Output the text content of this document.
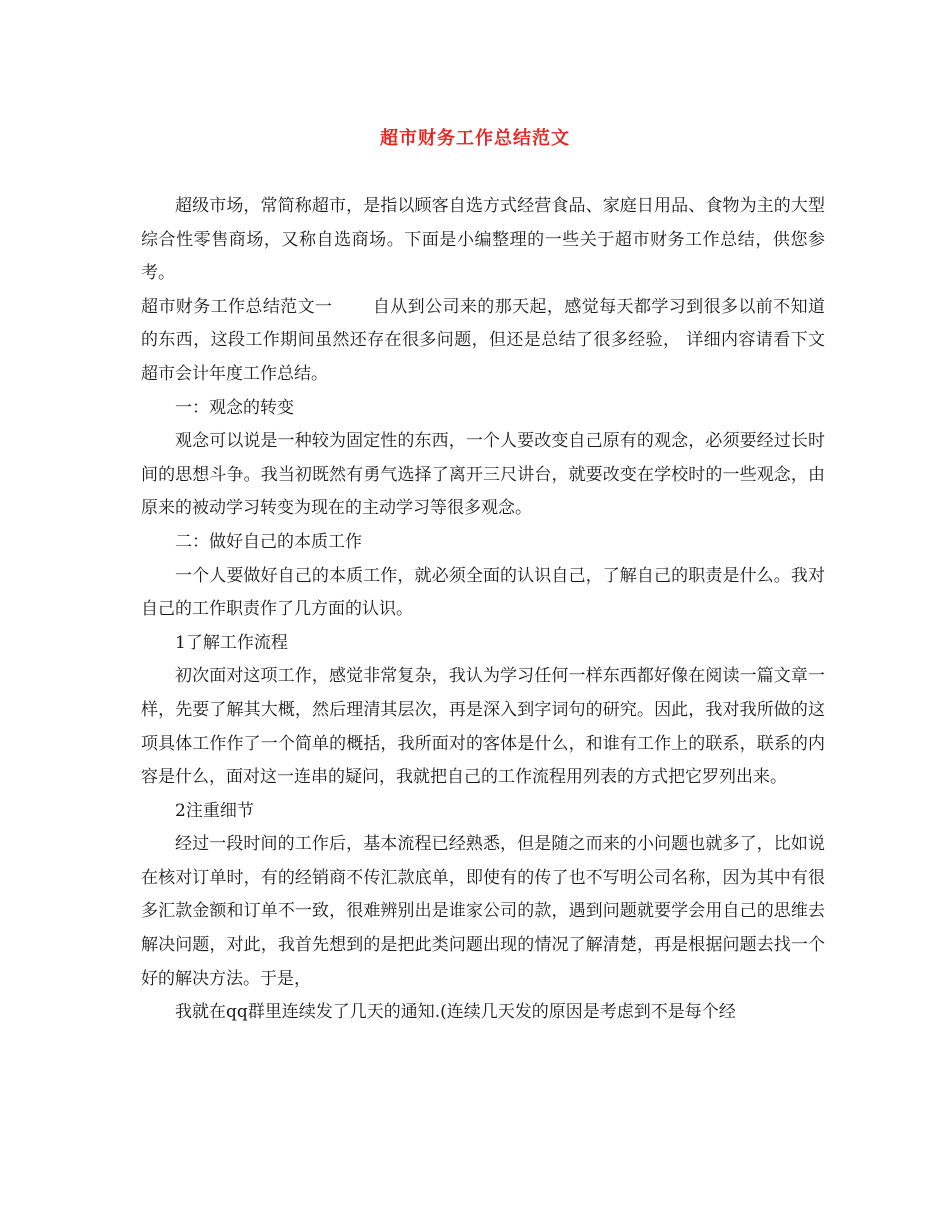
超市财务工作总结范文

超级市场，常简称超市，是指以顾客自选方式经营食品、家庭日用品、食物为主的大型综合性零售商场，又称自选商场。下面是小编整理的一些关于超市财务工作总结，供您参考。

超市财务工作总结范文一 自从到公司来的那天起，感觉每天都学习到很多以前不知道的东西，这段工作期间虽然还存在很多问题，但还是总结了很多经验， 详细内容请看下文超市会计年度工作总结。

一：观念的转变

观念可以说是一种较为固定性的东西，一个人要改变自己原有的观念，必须要经过长时间的思想斗争。我当初既然有勇气选择了离开三尺讲台，就要改变在学校时的一些观念，由原来的被动学习转变为现在的主动学习等很多观念。

二：做好自己的本质工作

一个人要做好自己的本质工作，就必须全面的认识自己，了解自己的职责是什么。我对自己的工作职责作了几方面的认识。

1了解工作流程

初次面对这项工作，感觉非常复杂，我认为学习任何一样东西都好像在阅读一篇文章一样，先要了解其大概，然后理清其层次，再是深入到字词句的研究。因此，我对我所做的这项具体工作作了一个简单的概括，我所面对的客体是什么，和谁有工作上的联系，联系的内容是什么，面对这一连串的疑问，我就把自己的工作流程用列表的方式把它罗列出来。

2注重细节

经过一段时间的工作后，基本流程已经熟悉，但是随之而来的小问题也就多了，比如说在核对订单时，有的经销商不传汇款底单，即使有的传了也不写明公司名称，因为其中有很多汇款金额和订单不一致，很难辨别出是谁家公司的款，遇到问题就要学会用自己的思维去解决问题，对此，我首先想到的是把此类问题出现的情况了解清楚，再是根据问题去找一个好的解决方法。于是，

我就在qq群里连续发了几天的通知.(连续几天发的原因是考虑到不是每个经
